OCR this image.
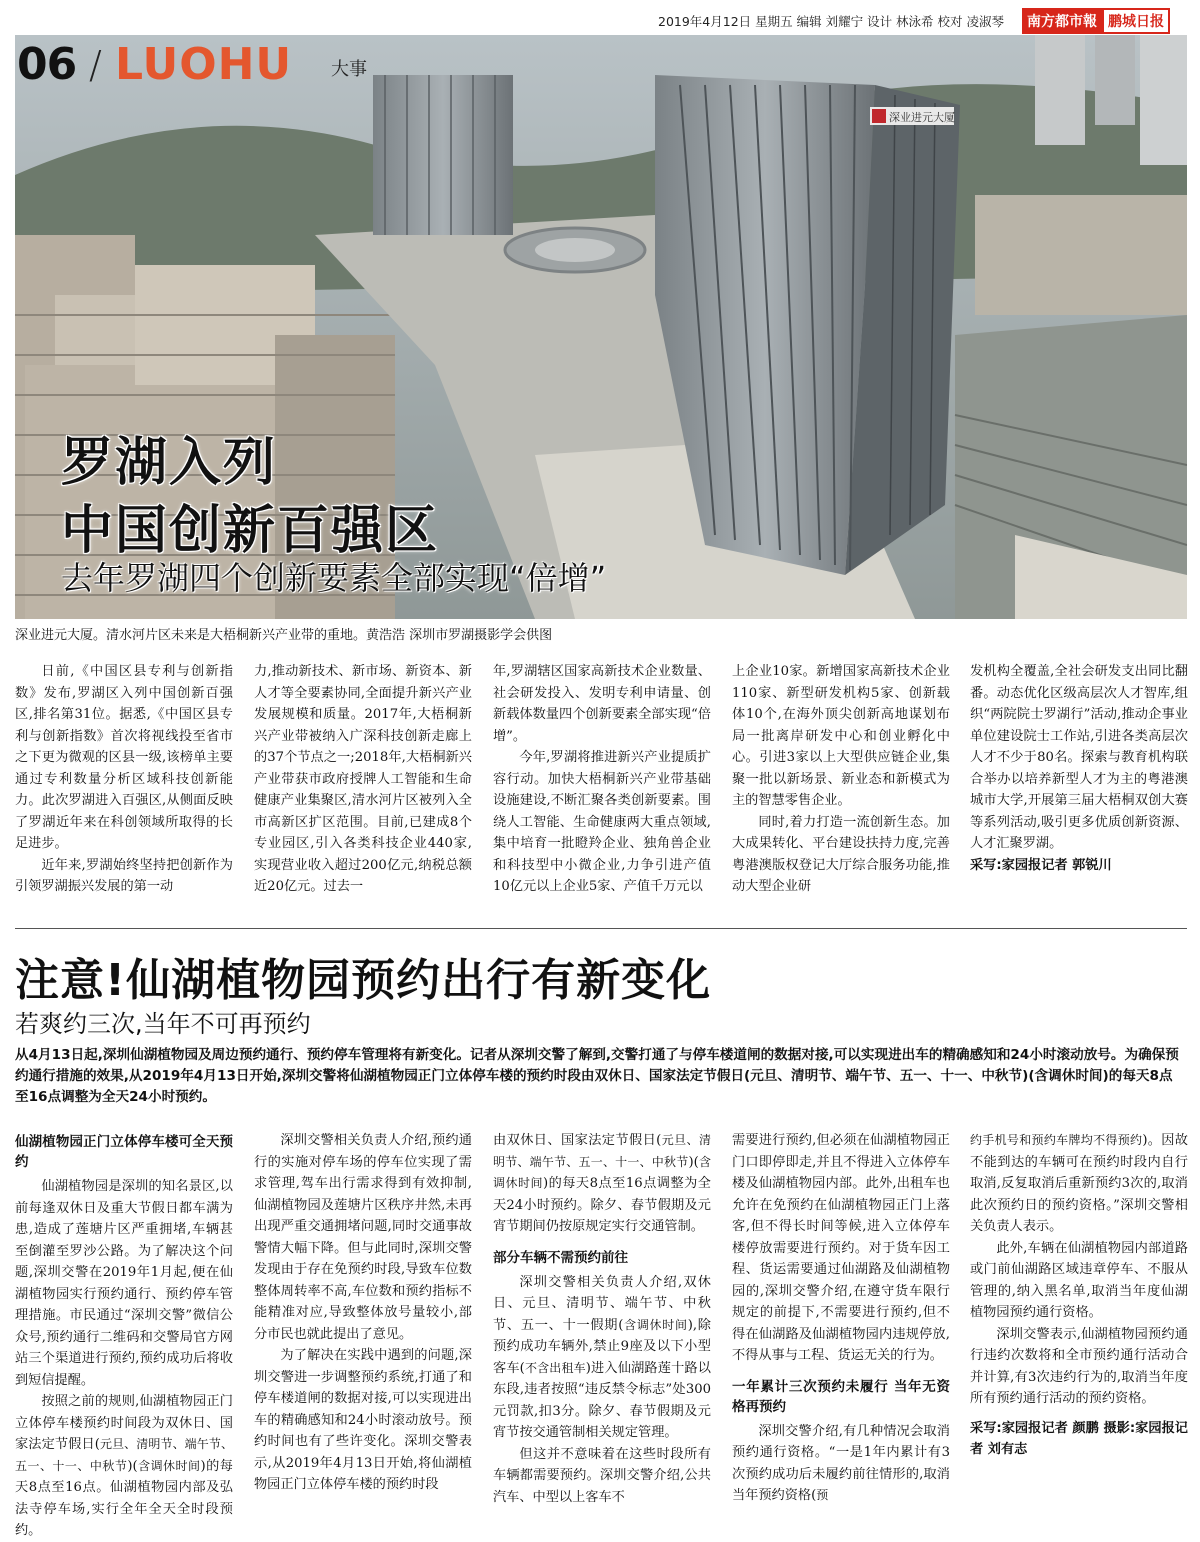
2019年4月12日 星期五 编辑 刘耀宁 设计 林泳希 校对 凌淑琴	南方都市報 鹏城日报
深业进元大厦
06 / LUOHU 大事
罗湖入列
中国创新百强区
去年罗湖四个创新要素全部实现“倍增”
深业进元大厦。清水河片区未来是大梧桐新兴产业带的重地。黄浩浩 深圳市罗湖摄影学会供图

日前,《中国区县专利与创新指数》发布,罗湖区入列中国创新百强区,排名第31位。据悉,《中国区县专利与创新指数》首次将视线投至省市之下更为微观的区县一级,该榜单主要通过专利数量分析区域科技创新能力。此次罗湖进入百强区,从侧面反映了罗湖近年来在科创领域所取得的长足进步。

近年来,罗湖始终坚持把创新作为引领罗湖振兴发展的第一动

力,推动新技术、新市场、新资本、新人才等全要素协同,全面提升新兴产业发展规模和质量。2017年,大梧桐新兴产业带被纳入广深科技创新走廊上的37个节点之一;2018年,大梧桐新兴产业带获市政府授牌人工智能和生命健康产业集聚区,清水河片区被列入全市高新区扩区范围。目前,已建成8个专业园区,引入各类科技企业440家,实现营业收入超过200亿元,纳税总额近20亿元。过去一

年,罗湖辖区国家高新技术企业数量、社会研发投入、发明专利申请量、创新载体数量四个创新要素全部实现“倍增”。

今年,罗湖将推进新兴产业提质扩容行动。加快大梧桐新兴产业带基础设施建设,不断汇聚各类创新要素。围绕人工智能、生命健康两大重点领域,集中培育一批瞪羚企业、独角兽企业和科技型中小微企业,力争引进产值10亿元以上企业5家、产值千万元以

上企业10家。新增国家高新技术企业110家、新型研发机构5家、创新载体10个,在海外顶尖创新高地谋划布局一批离岸研发中心和创业孵化中心。引进3家以上大型供应链企业,集聚一批以新场景、新业态和新模式为主的智慧零售企业。

同时,着力打造一流创新生态。加大成果转化、平台建设扶持力度,完善粤港澳版权登记大厅综合服务功能,推动大型企业研

发机构全覆盖,全社会研发支出同比翻番。动态优化区级高层次人才智库,组织“两院院士罗湖行”活动,推动企事业单位建设院士工作站,引进各类高层次人才不少于80名。探索与教育机构联合举办以培养新型人才为主的粤港澳城市大学,开展第三届大梧桐双创大赛等系列活动,吸引更多优质创新资源、人才汇聚罗湖。

采写:家园报记者 郭锐川

注意!仙湖植物园预约出行有新变化
若爽约三次,当年不可再预约
从4月13日起,深圳仙湖植物园及周边预约通行、预约停车管理将有新变化。记者从深圳交警了解到,交警打通了与停车楼道闸的数据对接,可以实现进出车的精确感知和24小时滚动放号。为确保预约通行措施的效果,从2019年4月13日开始,深圳交警将仙湖植物园正门立体停车楼的预约时段由双休日、国家法定节假日(元旦、清明节、端午节、五一、十一、中秋节)(含调休时间)的每天8点至16点调整为全天24小时预约。
仙湖植物园正门立体停车楼可全天预约

仙湖植物园是深圳的知名景区,以前每逢双休日及重大节假日都车满为患,造成了莲塘片区严重拥堵,车辆甚至倒灌至罗沙公路。为了解决这个问题,深圳交警在2019年1月起,便在仙湖植物园实行预约通行、预约停车管理措施。市民通过“深圳交警”微信公众号,预约通行二维码和交警局官方网站三个渠道进行预约,预约成功后将收到短信提醒。

按照之前的规则,仙湖植物园正门立体停车楼预约时间段为双休日、国家法定节假日(元旦、清明节、端午节、五一、十一、中秋节)(含调休时间)的每天8点至16点。仙湖植物园内部及弘法寺停车场,实行全年全天全时段预约。

深圳交警相关负责人介绍,预约通行的实施对停车场的停车位实现了需求管理,驾车出行需求得到有效抑制,仙湖植物园及莲塘片区秩序井然,未再出现严重交通拥堵问题,同时交通事故警情大幅下降。但与此同时,深圳交警发现由于存在免预约时段,导致车位数整体周转率不高,车位数和预约指标不能精准对应,导致整体放号量较小,部分市民也就此提出了意见。

为了解决在实践中遇到的问题,深圳交警进一步调整预约系统,打通了和停车楼道闸的数据对接,可以实现进出车的精确感知和24小时滚动放号。预约时间也有了些许变化。深圳交警表示,从2019年4月13日开始,将仙湖植物园正门立体停车楼的预约时段

由双休日、国家法定节假日(元旦、清明节、端午节、五一、十一、中秋节)(含调休时间)的每天8点至16点调整为全天24小时预约。除夕、春节假期及元宵节期间仍按原规定实行交通管制。

部分车辆不需预约前往

深圳交警相关负责人介绍,双休日、元旦、清明节、端午节、中秋节、五一、十一假期(含调休时间),除预约成功车辆外,禁止9座及以下小型客车(不含出租车)进入仙湖路莲十路以东段,违者按照“违反禁令标志”处300元罚款,扣3分。除夕、春节假期及元宵节按交通管制相关规定管理。

但这并不意味着在这些时段所有车辆都需要预约。深圳交警介绍,公共汽车、中型以上客车不

需要进行预约,但必须在仙湖植物园正门口即停即走,并且不得进入立体停车楼及仙湖植物园内部。此外,出租车也允许在免预约在仙湖植物园正门上落客,但不得长时间等候,进入立体停车楼停放需要进行预约。对于货车因工程、货运需要通过仙湖路及仙湖植物园的,深圳交警介绍,在遵守货车限行规定的前提下,不需要进行预约,但不得在仙湖路及仙湖植物园内违规停放,不得从事与工程、货运无关的行为。

一年累计三次预约未履行 当年无资格再预约

深圳交警介绍,有几种情况会取消预约通行资格。“一是1年内累计有3次预约成功后未履约前往情形的,取消当年预约资格(预

约手机号和预约车牌均不得预约)。因故不能到达的车辆可在预约时段内自行取消,反复取消后重新预约3次的,取消此次预约日的预约资格。”深圳交警相关负责人表示。

此外,车辆在仙湖植物园内部道路或门前仙湖路区域违章停车、不服从管理的,纳入黑名单,取消当年度仙湖植物园预约通行资格。

深圳交警表示,仙湖植物园预约通行违约次数将和全市预约通行活动合并计算,有3次违约行为的,取消当年度所有预约通行活动的预约资格。

采写:家园报记者 颜鹏 摄影:家园报记者 刘有志
